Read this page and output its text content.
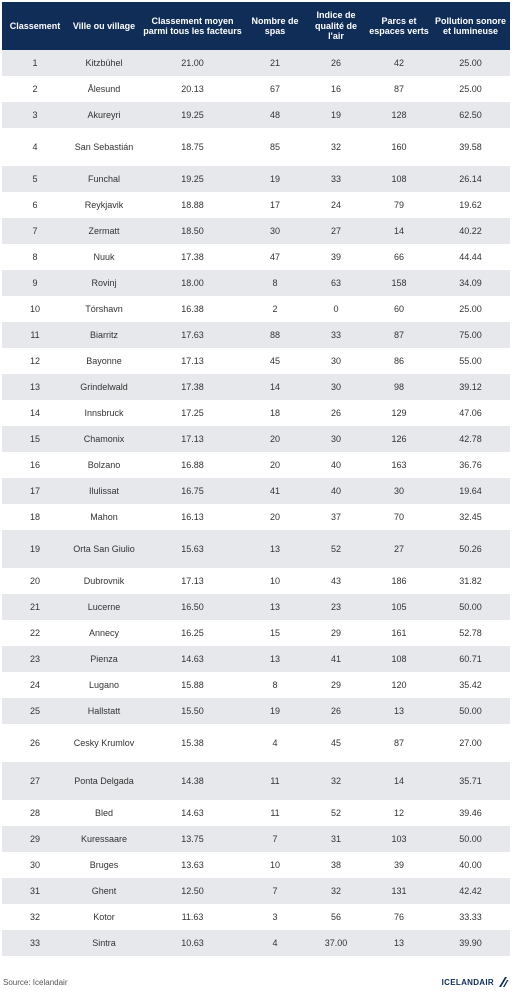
Classement	Ville ou village	Classement moyen parmi tous les facteurs	Nombre de spas	Indice de qualité de l'air	Parcs et espaces verts	Pollution sonore et lumineuse
1	Kitzbühel	21.00	21	26	42	25.00
2	Ålesund	20.13	67	16	87	25.00
3	Akureyri	19.25	48	19	128	62.50
4	San Sebastián	18.75	85	32	160	39.58
5	Funchal	19.25	19	33	108	26.14
6	Reykjavik	18.88	17	24	79	19.62
7	Zermatt	18.50	30	27	14	40.22
8	Nuuk	17.38	47	39	66	44.44
9	Rovinj	18.00	8	63	158	34.09
10	Tórshavn	16.38	2	0	60	25.00
11	Biarritz	17.63	88	33	87	75.00
12	Bayonne	17.13	45	30	86	55.00
13	Grindelwald	17.38	14	30	98	39.12
14	Innsbruck	17.25	18	26	129	47.06
15	Chamonix	17.13	20	30	126	42.78
16	Bolzano	16.88	20	40	163	36.76
17	Ilulissat	16.75	41	40	30	19.64
18	Mahon	16.13	20	37	70	32.45
19	Orta San Giulio	15.63	13	52	27	50.26
20	Dubrovnik	17.13	10	43	186	31.82
21	Lucerne	16.50	13	23	105	50.00
22	Annecy	16.25	15	29	161	52.78
23	Pienza	14.63	13	41	108	60.71
24	Lugano	15.88	8	29	120	35.42
25	Hallstatt	15.50	19	26	13	50.00
26	Cesky Krumlov	15.38	4	45	87	27.00
27	Ponta Delgada	14.38	11	32	14	35.71
28	Bled	14.63	11	52	12	39.46
29	Kuressaare	13.75	7	31	103	50.00
30	Bruges	13.63	10	38	39	40.00
31	Ghent	12.50	7	32	131	42.42
32	Kotor	11.63	3	56	76	33.33
33	Sintra	10.63	4	37.00	13	39.90
Source: Icelandair	ICELANDAIR
